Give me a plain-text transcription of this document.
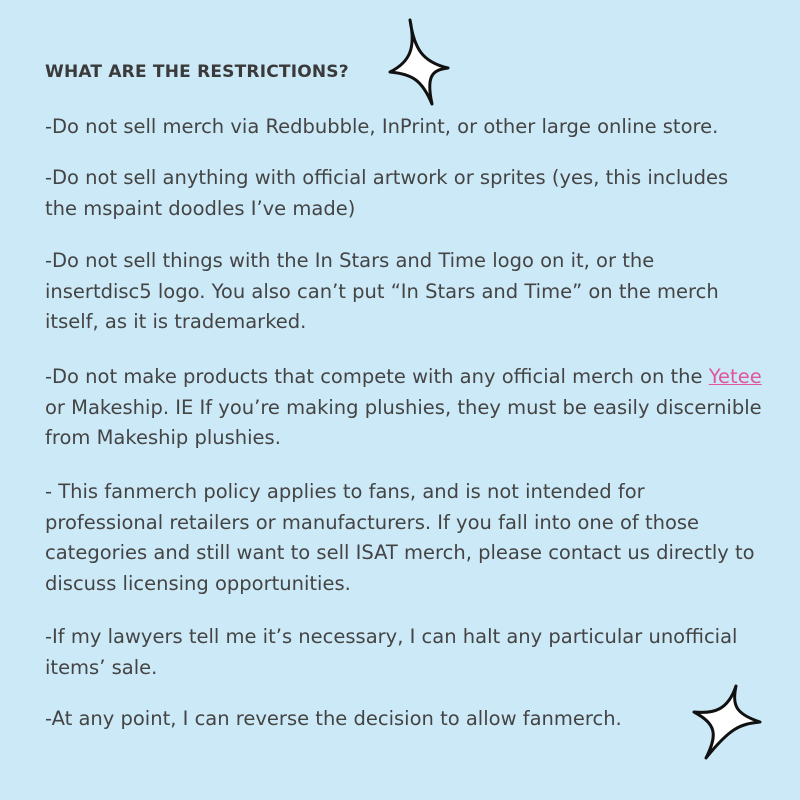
WHAT ARE THE RESTRICTIONS?

-Do not sell merch via Redbubble, InPrint, or other large online store.

-Do not sell anything with official artwork or sprites (yes, this includes the mspaint doodles I’ve made)

-Do not sell things with the In Stars and Time logo on it, or the insertdisc5 logo. You also can’t put “In Stars and Time” on the merch itself, as it is trademarked.

-Do not make products that compete with any official merch on the Yetee or Makeship. IE If you’re making plushies, they must be easily discernible from Makeship plushies.

- This fanmerch policy applies to fans, and is not intended for professional retailers or manufacturers. If you fall into one of those categories and still want to sell ISAT merch, please contact us directly to discuss licensing opportunities.

-If my lawyers tell me it’s necessary, I can halt any particular unofficial items’ sale.

-At any point, I can reverse the decision to allow fanmerch.
